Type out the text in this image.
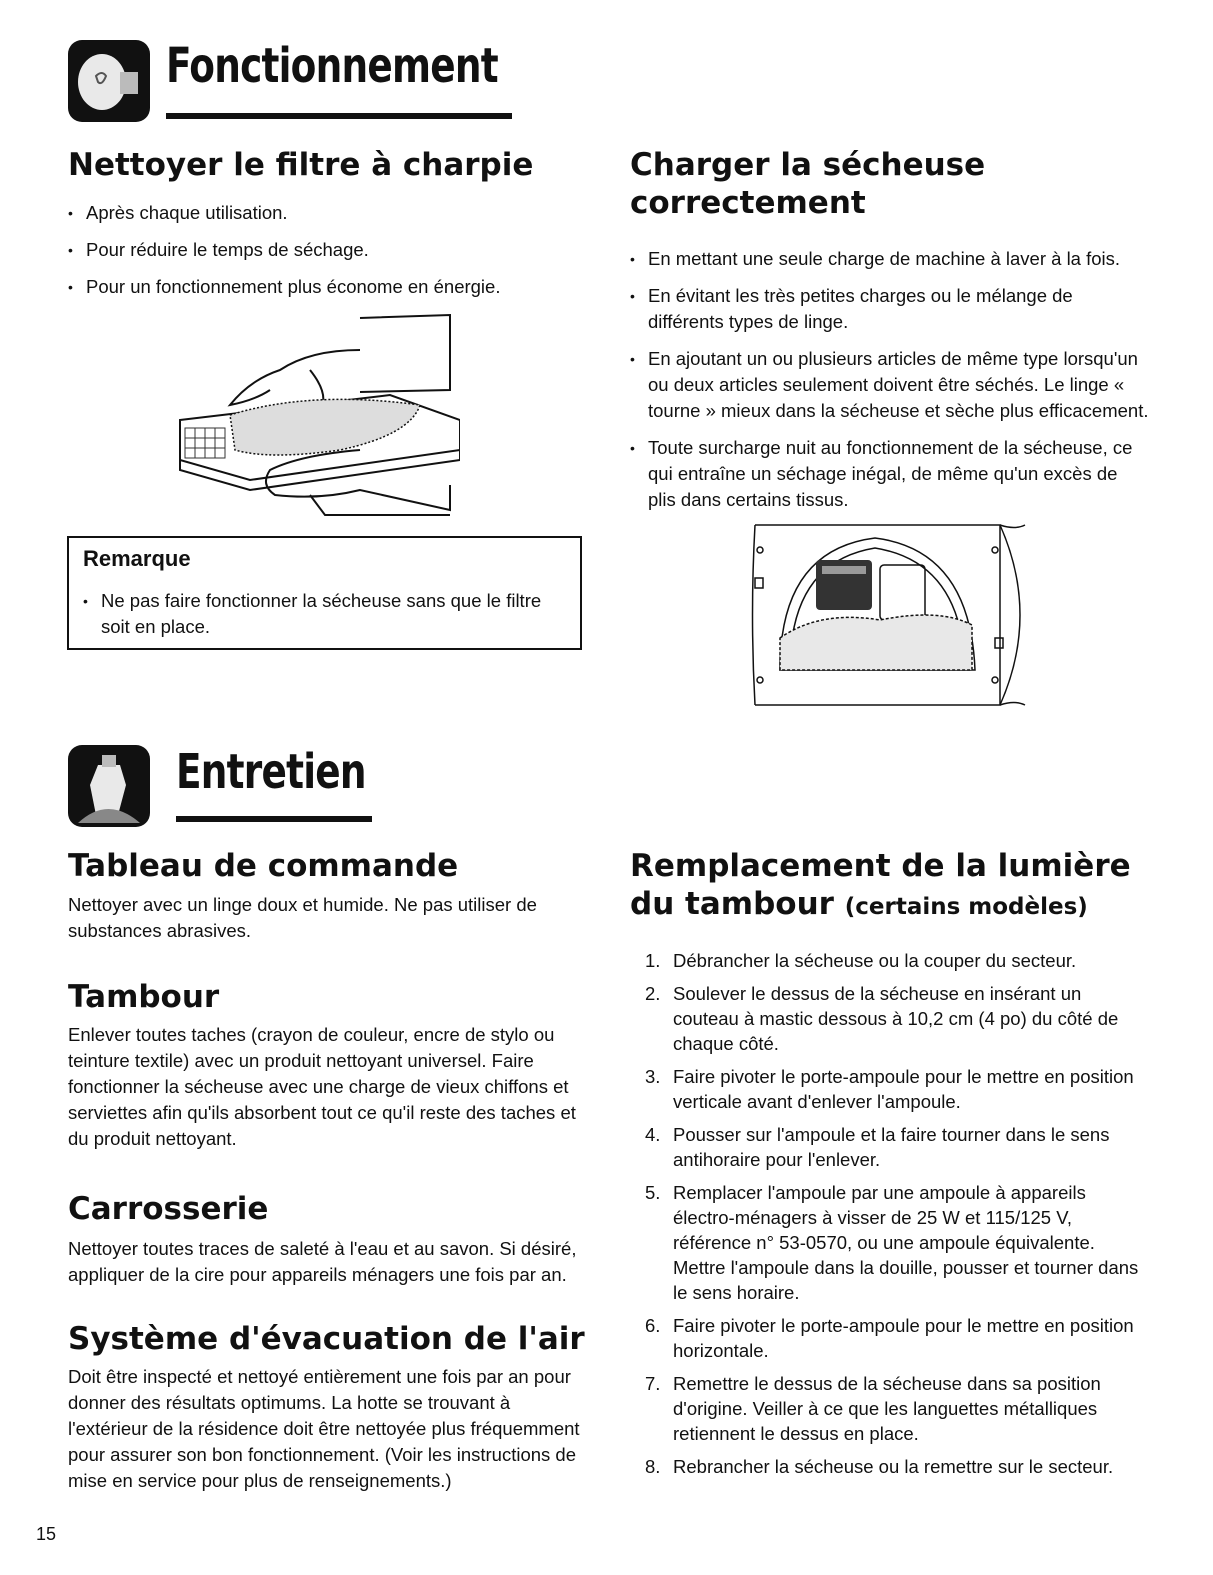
Fonctionnement
Nettoyer le filtre à charpie
• Après chaque utilisation.
• Pour réduire le temps de séchage.
• Pour un fonctionnement plus économe en énergie.
Remarque
• Ne pas faire fonctionner la sécheuse sans que le filtre soit en place.
Charger la sécheuse
correctement
• En mettant une seule charge de machine à laver à la fois.
• En évitant les très petites charges ou le mélange de différents types de linge.
• En ajoutant un ou plusieurs articles de même type lorsqu'un ou deux articles seulement doivent être séchés. Le linge « tourne » mieux dans la sécheuse et sèche plus efficacement.
• Toute surcharge nuit au fonctionnement de la sécheuse, ce qui entraîne un séchage inégal, de même qu'un excès de plis dans certains tissus.
Entretien
Tableau de commande

Nettoyer avec un linge doux et humide. Ne pas utiliser de substances abrasives.

Tambour

Enlever toutes taches (crayon de couleur, encre de stylo ou teinture textile) avec un produit nettoyant universel. Faire fonctionner la sécheuse avec une charge de vieux chiffons et serviettes afin qu'ils absorbent tout ce qu'il reste des taches et du produit nettoyant.

Carrosserie

Nettoyer toutes traces de saleté à l'eau et au savon. Si désiré, appliquer de la cire pour appareils ménagers une fois par an.

Système d'évacuation de l'air

Doit être inspecté et nettoyé entièrement une fois par an pour donner des résultats optimums. La hotte se trouvant à l'extérieur de la résidence doit être nettoyée plus fréquemment pour assurer son bon fonctionnement. (Voir les instructions de mise en service pour plus de renseignements.)

Remplacement de la lumière
du tambour (certains modèles)
1. Débrancher la sécheuse ou la couper du secteur.
2. Soulever le dessus de la sécheuse en insérant un couteau à mastic dessous à 10,2 cm (4 po) du côté de chaque côté.
3. Faire pivoter le porte-ampoule pour le mettre en position verticale avant d'enlever l'ampoule.
4. Pousser sur l'ampoule et la faire tourner dans le sens antihoraire pour l'enlever.
5. Remplacer l'ampoule par une ampoule à appareils électro-ménagers à visser de 25 W et 115/125 V, référence n° 53-0570, ou une ampoule équivalente. Mettre l'ampoule dans la douille, pousser et tourner dans le sens horaire.
6. Faire pivoter le porte-ampoule pour le mettre en position horizontale.
7. Remettre le dessus de la sécheuse dans sa position d'origine. Veiller à ce que les languettes métalliques retiennent le dessus en place.
8. Rebrancher la sécheuse ou la remettre sur le secteur.
15
